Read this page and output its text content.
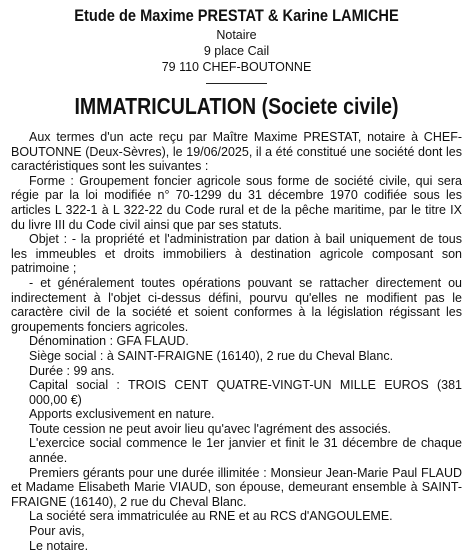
Etude de Maxime PRESTAT & Karine LAMICHE
Notaire
9 place Cail
79 110 CHEF-BOUTONNE
IMMATRICULATION (Societe civile)

Aux termes d'un acte reçu par Maître Maxime PRESTAT, notaire à CHEF-BOUTONNE (Deux-Sèvres), le 19/06/2025, il a été constitué une société dont les caractéristiques sont les suivantes :

Forme : Groupement foncier agricole sous forme de société civile, qui sera régie par la loi modifiée n° 70-1299 du 31 décembre 1970 codifiée sous les articles L 322-1 à L 322-22 du Code rural et de la pêche maritime, par le titre IX du livre III du Code civil ainsi que par ses statuts.

Objet : - la propriété et l'administration par dation à bail uniquement de tous les immeubles et droits immobiliers à destination agricole composant son patrimoine ;

- et généralement toutes opérations pouvant se rattacher directement ou indirectement à l'objet ci-dessus défini, pourvu qu'elles ne modifient pas le caractère civil de la société et soient conformes à la législation régissant les groupements fonciers agricoles.

Dénomination : GFA FLAUD.

Siège social : à SAINT-FRAIGNE (16140), 2 rue du Cheval Blanc.

Durée : 99 ans.

Capital social : TROIS CENT QUATRE-VINGT-UN MILLE EUROS (381 000,00 €)

Apports exclusivement en nature.

Toute cession ne peut avoir lieu qu'avec l'agrément des associés.

L'exercice social commence le 1er janvier et finit le 31 décembre de chaque année.

Premiers gérants pour une durée illimitée : Monsieur Jean-Marie Paul FLAUD et Madame Elisabeth Marie VIAUD, son épouse, demeurant ensemble à SAINT-FRAIGNE (16140), 2 rue du Cheval Blanc.

La société sera immatriculée au RNE et au RCS d'ANGOULEME.

Pour avis,

Le notaire.
